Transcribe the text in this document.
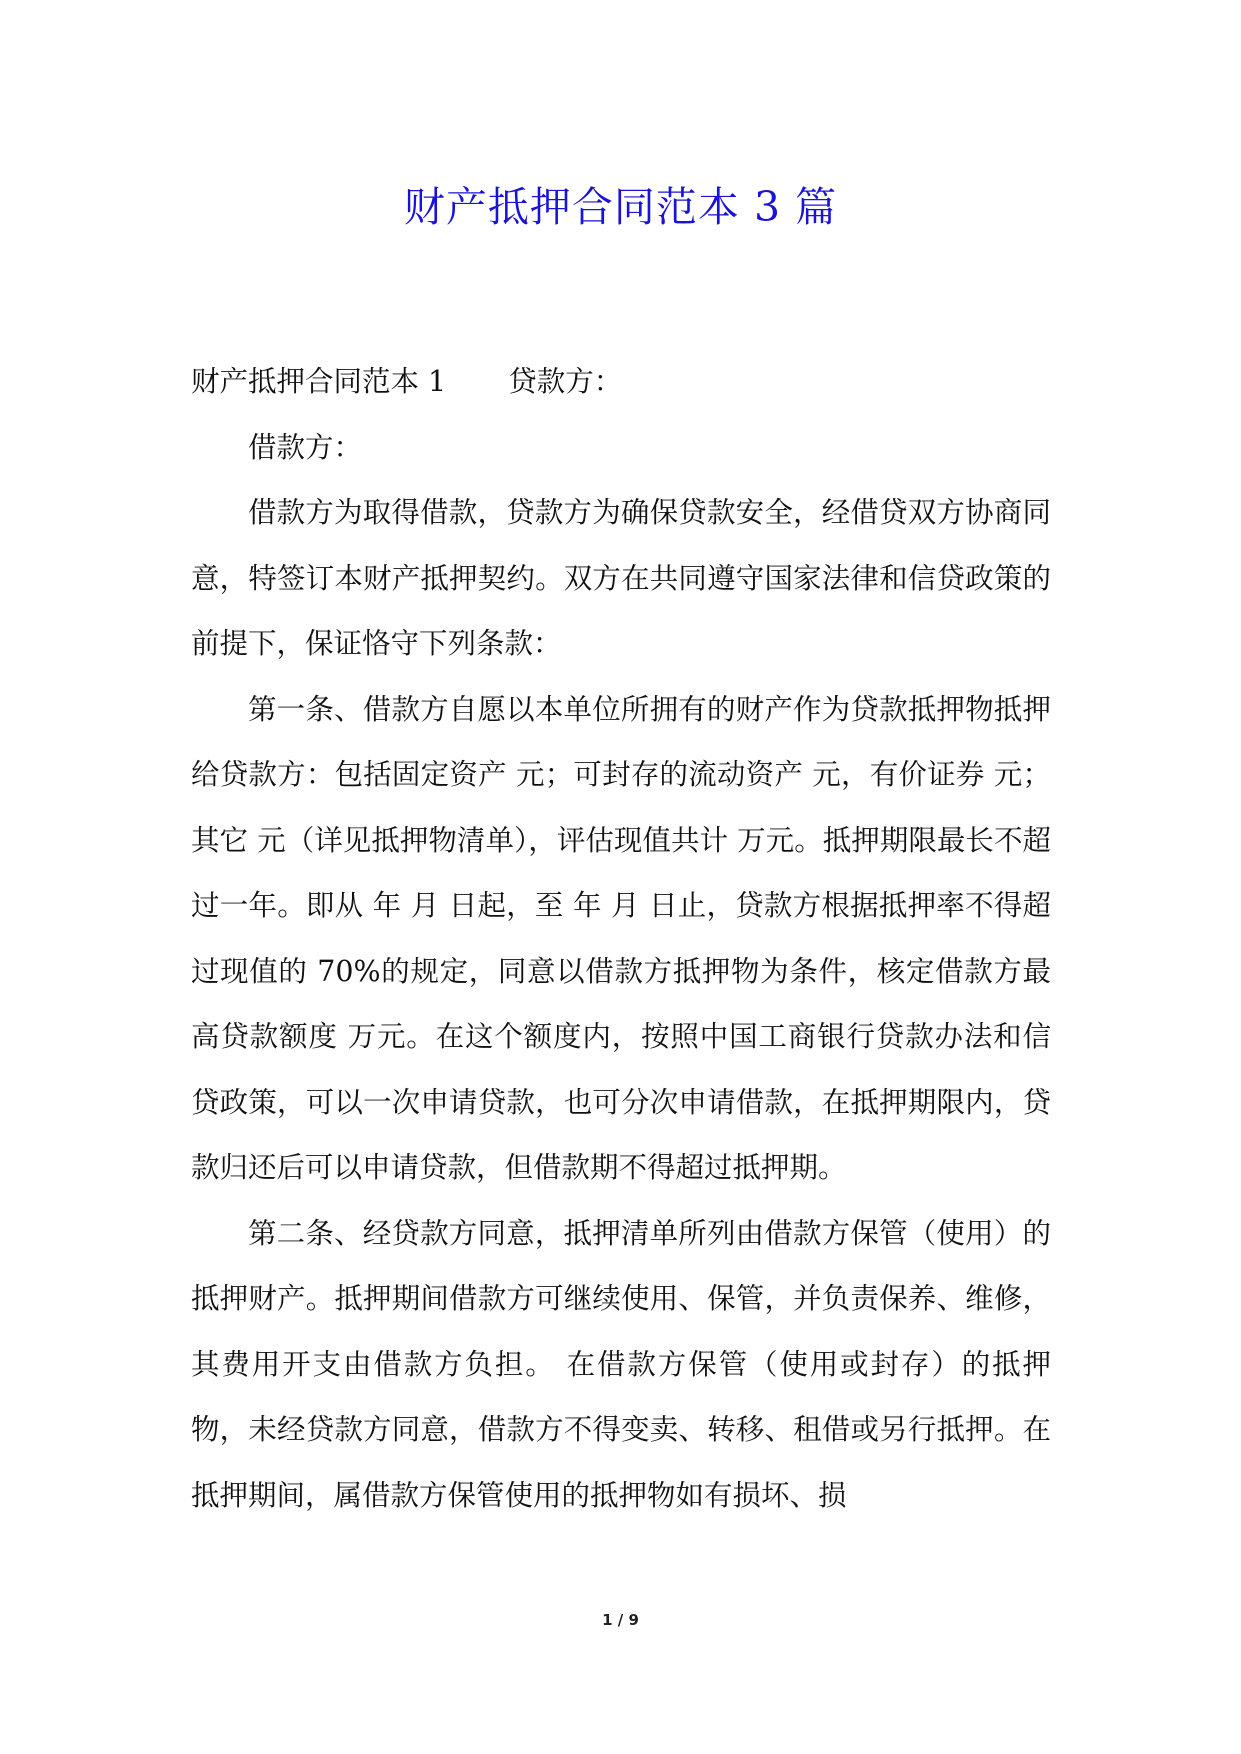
财产抵押合同范本 3 篇

财产抵押合同范本 1 贷款方：

借款方：

借款方为取得借款，贷款方为确保贷款安全，经借贷双方协商同意，特签订本财产抵押契约。双方在共同遵守国家法律和信贷政策的前提下，保证恪守下列条款：

第一条、借款方自愿以本单位所拥有的财产作为贷款抵押物抵押给贷款方：包括固定资产 元；可封存的流动资产 元，有价证券 元；其它 元（详见抵押物清单），评估现值共计 万元。抵押期限最长不超过一年。即从 年 月 日起，至 年 月 日止，贷款方根据抵押率不得超过现值的 70%的规定，同意以借款方抵押物为条件，核定借款方最高贷款额度 万元。在这个额度内，按照中国工商银行贷款办法和信贷政策，可以一次申请贷款，也可分次申请借款，在抵押期限内，贷款归还后可以申请贷款，但借款期不得超过抵押期。

第二条、经贷款方同意，抵押清单所列由借款方保管（使用）的抵押财产。抵押期间借款方可继续使用、保管，并负责保养、维修，其费用开支由借款方负担。 在借款方保管（使用或封存）的抵押物，未经贷款方同意，借款方不得变卖、转移、租借或另行抵押。在抵押期间，属借款方保管使用的抵押物如有损坏、损

1 / 9
